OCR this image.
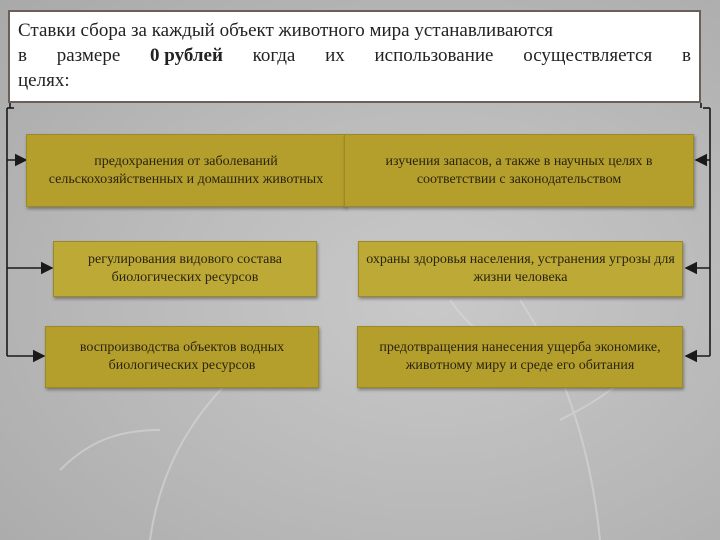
Ставки сбора за каждый объект животного мира устанавливаются
в размере 0 рублей когда их использование осуществляется в
целях:
предохранения от заболеваний сельскохозяйственных и домашних животных
изучения запасов, а также в научных целях в соответствии с законодательством
регулирования видового состава биологических ресурсов
охраны здоровья населения, устранения угрозы для жизни человека
воспроизводства объектов водных биологических ресурсов
предотвращения нанесения ущерба экономике, животному миру и среде его обитания
